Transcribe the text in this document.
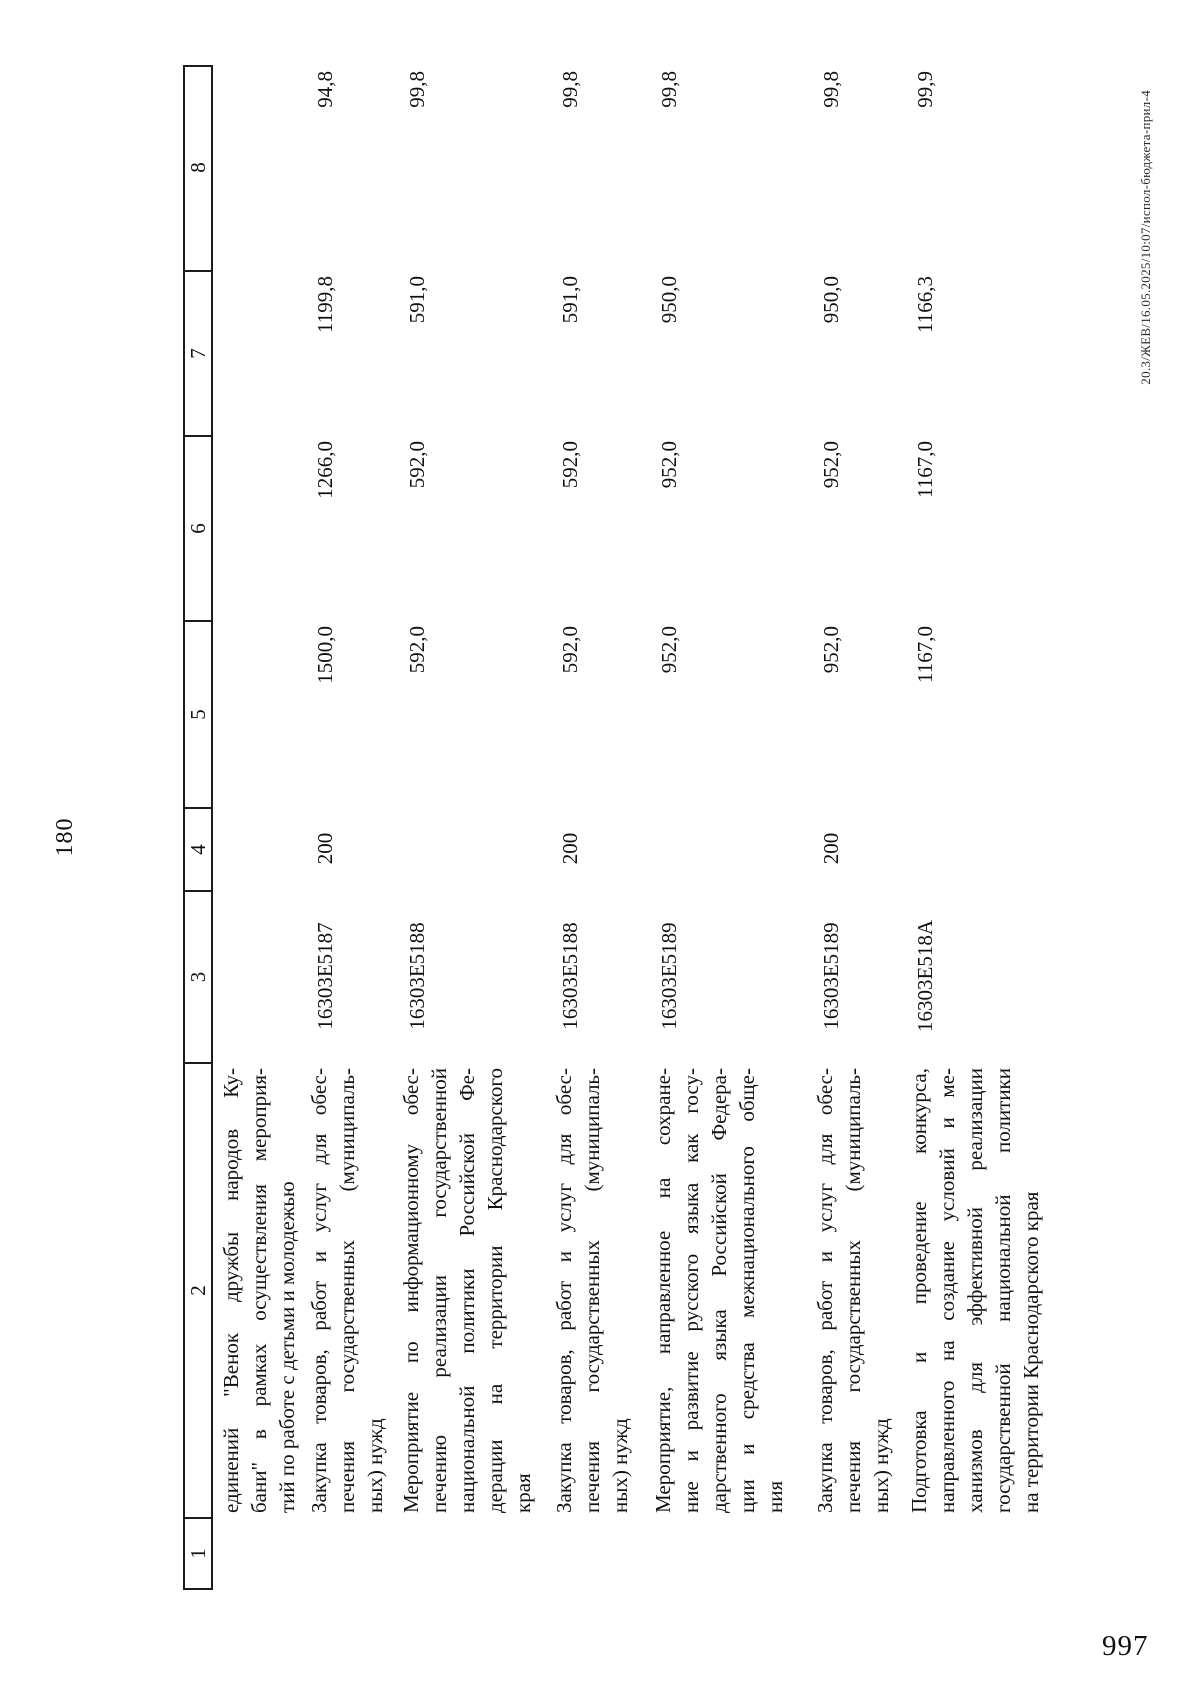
180
1
2
3
4
5
6
7
8
единений "Венок дружбы народов Ку- бани" в рамках осуществления мероприя- тий по работе с детьми и молодежью Закупка товаров, работ и услуг для обес- печения государственных (муниципаль- ных) нужд
16303E5187
200
1500,0
1266,0
1199,8
94,8
Мероприятие по информационному обес- печению реализации государственной национальной политики Российской Фе- дерации на территории Краснодарского края
16303E5188
592,0
592,0
591,0
99,8
Закупка товаров, работ и услуг для обес- печения государственных (муниципаль- ных) нужд
16303E5188
200
592,0
592,0
591,0
99,8
Мероприятие, направленное на сохране- ние и развитие русского языка как госу- дарственного языка Российской Федера- ции и средства межнационального обще- ния
16303E5189
952,0
952,0
950,0
99,8
Закупка товаров, работ и услуг для обес- печения государственных (муниципаль- ных) нужд
16303E5189
200
952,0
952,0
950,0
99,8
Подготовка и проведение конкурса, направленного на создание условий и ме- ханизмов для эффективной реализации государственной национальной политики на территории Краснодарского края
16303E518A
1167,0
1167,0
1166,3
99,9
20.3/ЖЕВ/16.05.2025/10:07/испол-бюджета-прил-4
997
